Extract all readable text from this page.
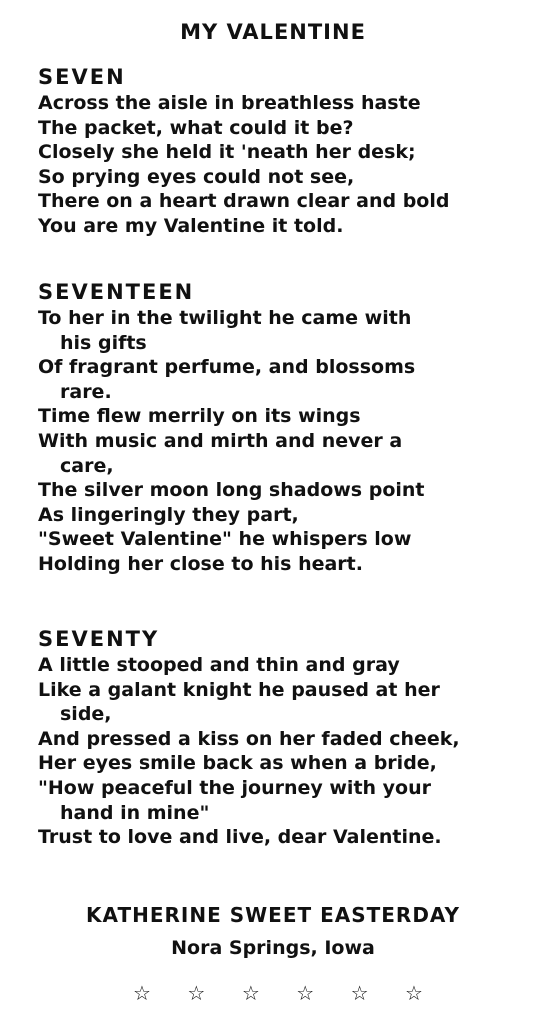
MY VALENTINE
SEVEN
Across the aisle in breathless haste
The packet, what could it be?
Closely she held it 'neath her desk;
So prying eyes could not see,
There on a heart drawn clear and bold
You are my Valentine it told.
SEVENTEEN
To her in the twilight he came with
his gifts
Of fragrant perfume, and blossoms
rare.
Time flew merrily on its wings
With music and mirth and never a
care,
The silver moon long shadows point
As lingeringly they part,
"Sweet Valentine" he whispers low
Holding her close to his heart.
SEVENTY
A little stooped and thin and gray
Like a galant knight he paused at her
side,
And pressed a kiss on her faded cheek,
Her eyes smile back as when a bride,
"How peaceful the journey with your
hand in mine"
Trust to love and live, dear Valentine.
KATHERINE SWEET EASTERDAY
Nora Springs, Iowa
☆ ☆ ☆ ☆ ☆ ☆
